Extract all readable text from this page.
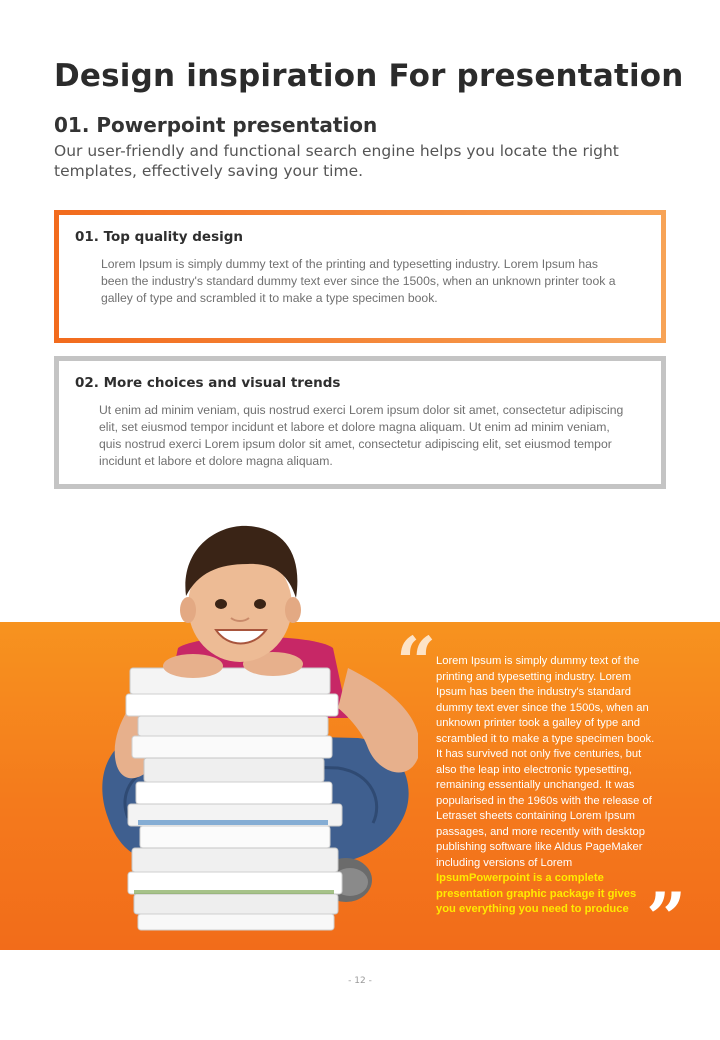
Design inspiration For presentation
01. Powerpoint presentation
Our user-friendly and functional search engine helps you locate the right templates, effectively saving your time.
01. Top quality design
Lorem Ipsum is simply dummy text of the printing and typesetting industry. Lorem Ipsum has been the industry's standard dummy text ever since the 1500s, when an unknown printer took a galley of type and scrambled it to make a type specimen book.
02. More choices and visual trends
Ut enim ad minim veniam, quis nostrud exerci Lorem ipsum dolor sit amet, consectetur adipiscing elit, set eiusmod tempor incidunt et labore et dolore magna aliquam. Ut enim ad minim veniam, quis nostrud exerci Lorem ipsum dolor sit amet, consectetur adipiscing elit, set eiusmod tempor incidunt et labore et dolore magna aliquam.
“ Lorem Ipsum is simply dummy text of the printing and typesetting industry. Lorem Ipsum has been the industry's standard dummy text ever since the 1500s, when an unknown printer took a galley of type and scrambled it to make a type specimen book. It has survived not only five centuries, but also the leap into electronic typesetting, remaining essentially unchanged. It was popularised in the 1960s with the release of Letraset sheets containing Lorem Ipsum passages, and more recently with desktop publishing software like Aldus PageMaker including versions of Lorem IpsumPowerpoint is a complete presentation graphic package it gives you everything you need to produce ”
- 12 -
